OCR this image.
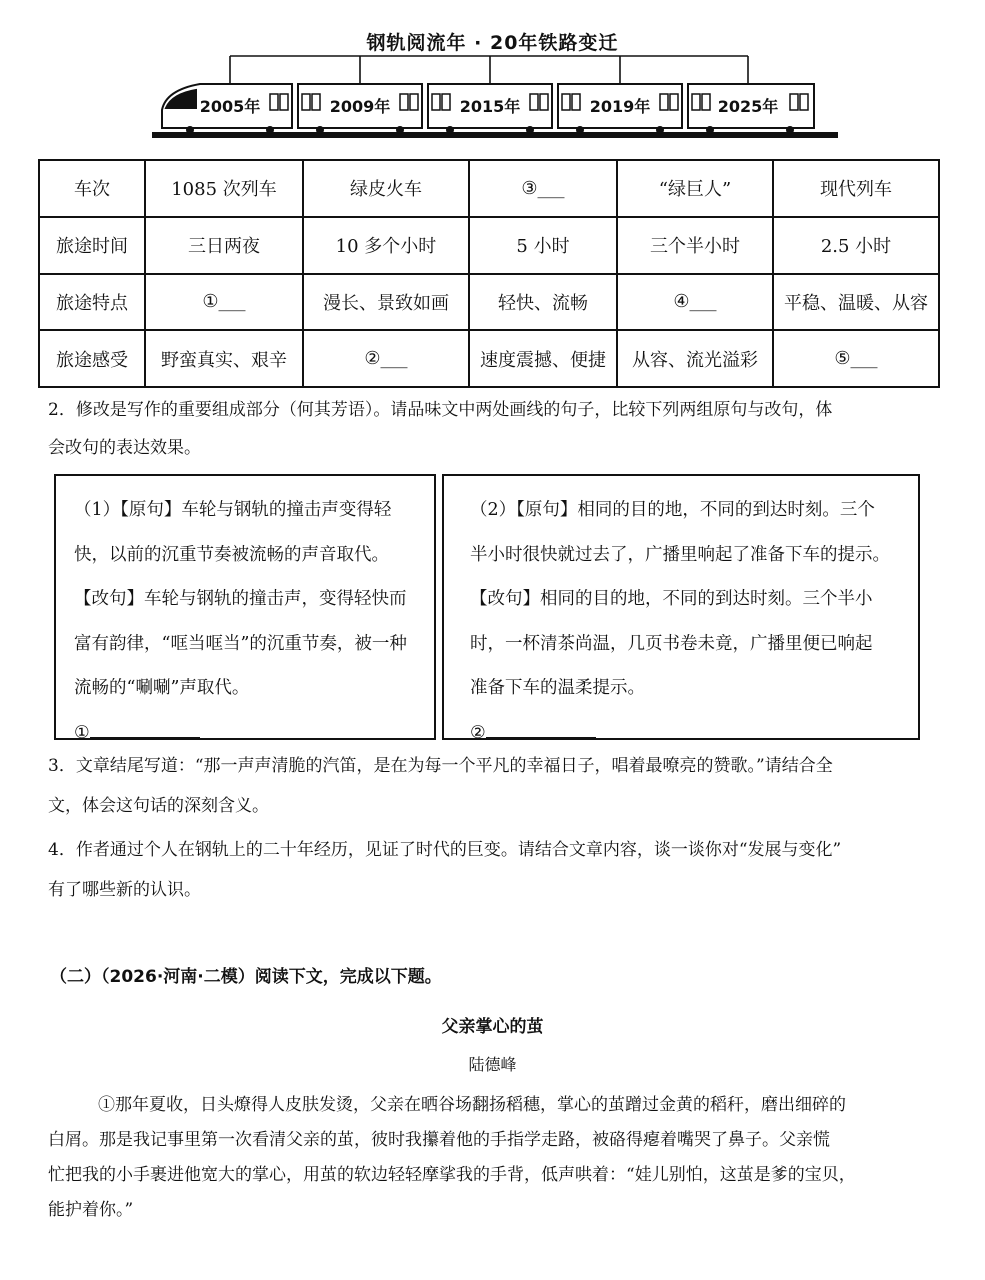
钢轨阅流年 · 20年铁路变迁
2005年	2009年	2015年	2019年	2025年
车次	1085 次列车	绿皮火车	③___	“绿巨人”	现代列车
旅途时间	三日两夜	10 多个小时	5 小时	三个半小时	2.5 小时
旅途特点	①___	漫长、景致如画	轻快、流畅	④___	平稳、温暖、从容
旅途感受	野蛮真实、艰辛	②___	速度震撼、便捷	从容、流光溢彩	⑤___
2．修改是写作的重要组成部分（何其芳语）。请品味文中两处画线的句子，比较下列两组原句与改句，体
会改句的表达效果。
（1）【原句】车轮与钢轨的撞击声变得轻
快，以前的沉重节奏被流畅的声音取代。
【改句】车轮与钢轨的撞击声，变得轻快而
富有韵律，“哐当哐当”的沉重节奏，被一种
流畅的“唰唰”声取代。
①
（2）【原句】相同的目的地，不同的到达时刻。三个
半小时很快就过去了，广播里响起了准备下车的提示。
【改句】相同的目的地，不同的到达时刻。三个半小
时，一杯清茶尚温，几页书卷未竟，广播里便已响起
准备下车的温柔提示。
②
3．文章结尾写道：“那一声声清脆的汽笛，是在为每一个平凡的幸福日子，唱着最嘹亮的赞歌。”请结合全
文，体会这句话的深刻含义。
4．作者通过个人在钢轨上的二十年经历，见证了时代的巨变。请结合文章内容，谈一谈你对“发展与变化”
有了哪些新的认识。
（二）（2026·河南·二模）阅读下文，完成以下题。
父亲掌心的茧
陆德峰
①那年夏收，日头燎得人皮肤发烫，父亲在晒谷场翻扬稻穗，掌心的茧蹭过金黄的稻秆，磨出细碎的
白屑。那是我记事里第一次看清父亲的茧，彼时我攥着他的手指学走路，被硌得瘪着嘴哭了鼻子。父亲慌
忙把我的小手裹进他宽大的掌心，用茧的软边轻轻摩挲我的手背，低声哄着：“娃儿别怕，这茧是爹的宝贝，
能护着你。”
